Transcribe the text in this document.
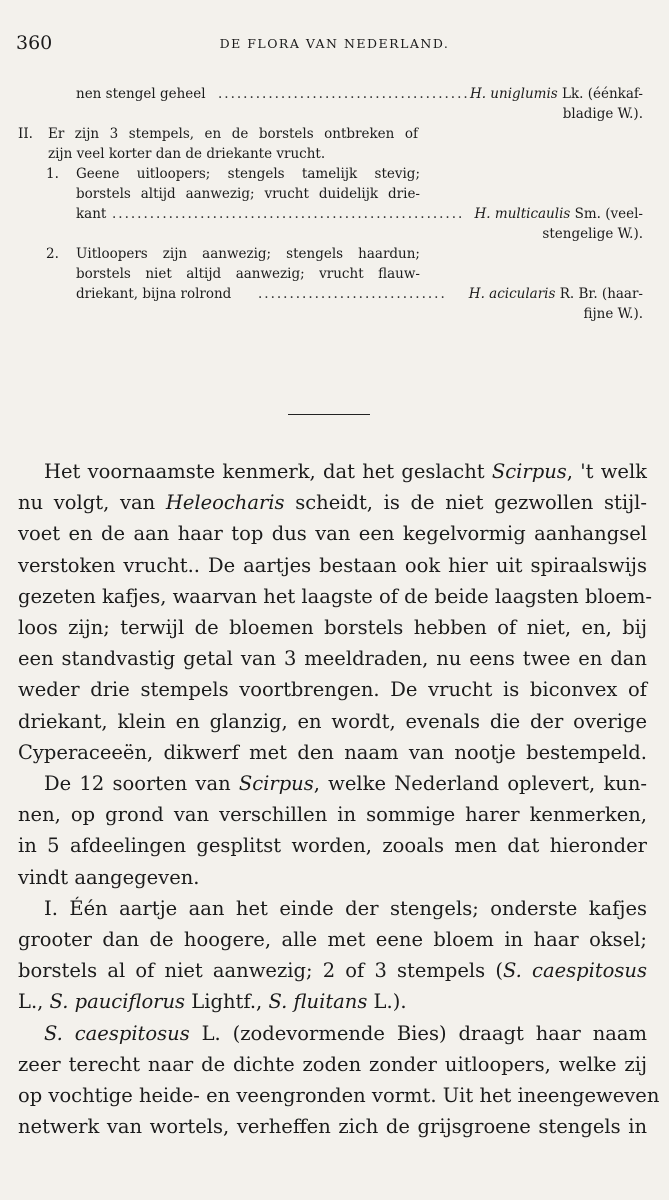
360	DE FLORA VAN NEDERLAND.
nen stengel geheel ........................................ H. uniglumis Lk. (éénkaf-
bladige W.).
II. Er zijn 3 stempels, en de borstels ontbreken of
zijn veel korter dan de driekante vrucht.
1. Geene uitloopers; stengels tamelijk stevig;
borstels altijd aanwezig; vrucht duidelijk drie-
kant ........................................................ H. multicaulis Sm. (veel-
stengelige W.).
2. Uitloopers zijn aanwezig; stengels haardun;
borstels niet altijd aanwezig; vrucht flauw-
driekant, bijna rolrond .............................. H. acicularis R. Br. (haar-
fijne W.).
Het voornaamste kenmerk, dat het geslacht Scirpus, 't welk
nu volgt, van Heleocharis scheidt, is de niet gezwollen stijl-
voet en de aan haar top dus van een kegelvormig aanhangsel
verstoken vrucht.. De aartjes bestaan ook hier uit spiraalswijs
gezeten kafjes, waarvan het laagste of de beide laagsten bloem-
loos zijn; terwijl de bloemen borstels hebben of niet, en, bij
een standvastig getal van 3 meeldraden, nu eens twee en dan
weder drie stempels voortbrengen. De vrucht is biconvex of
driekant, klein en glanzig, en wordt, evenals die der overige
Cyperaceeën, dikwerf met den naam van nootje bestempeld.
De 12 soorten van Scirpus, welke Nederland oplevert, kun-
nen, op grond van verschillen in sommige harer kenmerken,
in 5 afdeelingen gesplitst worden, zooals men dat hieronder
vindt aangegeven.
I. Één aartje aan het einde der stengels; onderste kafjes
grooter dan de hoogere, alle met eene bloem in haar oksel;
borstels al of niet aanwezig; 2 of 3 stempels (S. caespitosus
L., S. pauciflorus Lightf., S. fluitans L.).
S. caespitosus L. (zodevormende Bies) draagt haar naam
zeer terecht naar de dichte zoden zonder uitloopers, welke zij
op vochtige heide- en veengronden vormt. Uit het ineengeweven
netwerk van wortels, verheffen zich de grijsgroene stengels in
